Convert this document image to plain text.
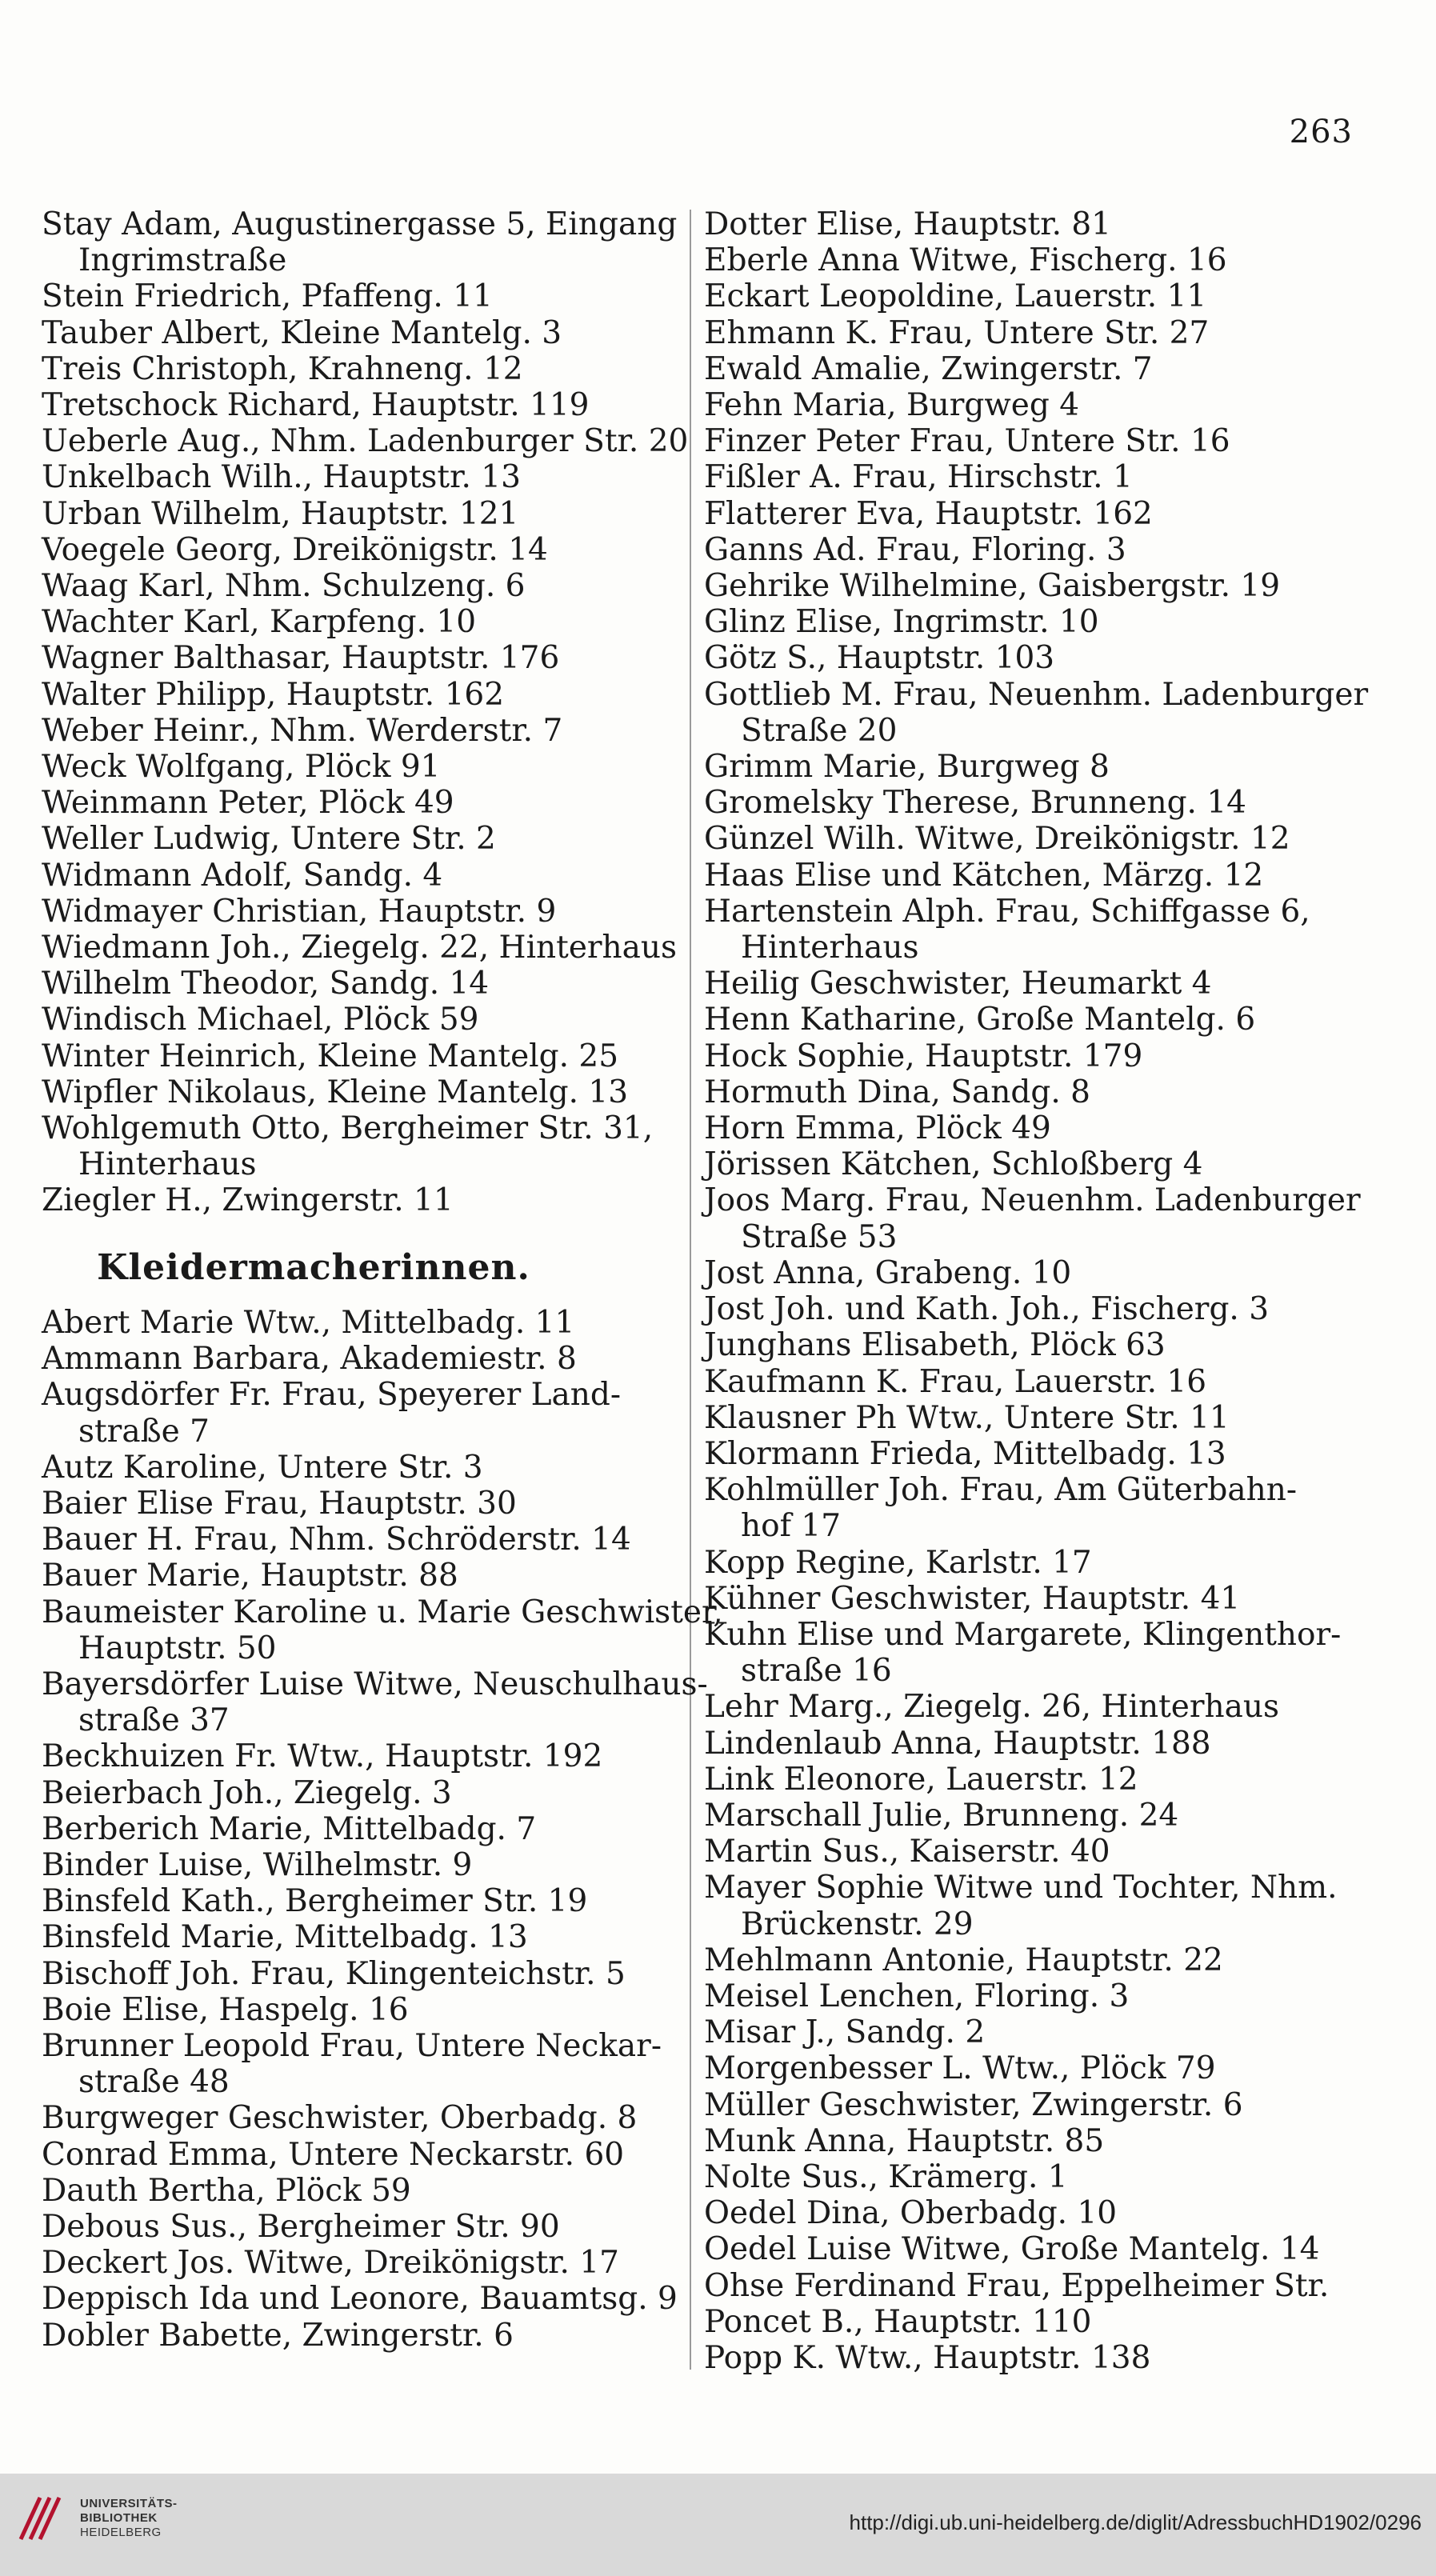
263
Stay Adam, Augustinergasse 5, Eingang
Ingrimstraße
Stein Friedrich, Pfaffeng. 11
Tauber Albert, Kleine Mantelg. 3
Treis Christoph, Krahneng. 12
Tretschock Richard, Hauptstr. 119
Ueberle Aug., Nhm. Ladenburger Str. 20
Unkelbach Wilh., Hauptstr. 13
Urban Wilhelm, Hauptstr. 121
Voegele Georg, Dreikönigstr. 14
Waag Karl, Nhm. Schulzeng. 6
Wachter Karl, Karpfeng. 10
Wagner Balthasar, Hauptstr. 176
Walter Philipp, Hauptstr. 162
Weber Heinr., Nhm. Werderstr. 7
Weck Wolfgang, Plöck 91
Weinmann Peter, Plöck 49
Weller Ludwig, Untere Str. 2
Widmann Adolf, Sandg. 4
Widmayer Christian, Hauptstr. 9
Wiedmann Joh., Ziegelg. 22, Hinterhaus
Wilhelm Theodor, Sandg. 14
Windisch Michael, Plöck 59
Winter Heinrich, Kleine Mantelg. 25
Wipfler Nikolaus, Kleine Mantelg. 13
Wohlgemuth Otto, Bergheimer Str. 31,
Hinterhaus
Ziegler H., Zwingerstr. 11
Kleidermacherinnen.
Abert Marie Wtw., Mittelbadg. 11
Ammann Barbara, Akademiestr. 8
Augsdörfer Fr. Frau, Speyerer Land-
straße 7
Autz Karoline, Untere Str. 3
Baier Elise Frau, Hauptstr. 30
Bauer H. Frau, Nhm. Schröderstr. 14
Bauer Marie, Hauptstr. 88
Baumeister Karoline u. Marie Geschwister,
Hauptstr. 50
Bayersdörfer Luise Witwe, Neuschulhaus-
straße 37
Beckhuizen Fr. Wtw., Hauptstr. 192
Beierbach Joh., Ziegelg. 3
Berberich Marie, Mittelbadg. 7
Binder Luise, Wilhelmstr. 9
Binsfeld Kath., Bergheimer Str. 19
Binsfeld Marie, Mittelbadg. 13
Bischoff Joh. Frau, Klingenteichstr. 5
Boie Elise, Haspelg. 16
Brunner Leopold Frau, Untere Neckar-
straße 48
Burgweger Geschwister, Oberbadg. 8
Conrad Emma, Untere Neckarstr. 60
Dauth Bertha, Plöck 59
Debous Sus., Bergheimer Str. 90
Deckert Jos. Witwe, Dreikönigstr. 17
Deppisch Ida und Leonore, Bauamtsg. 9
Dobler Babette, Zwingerstr. 6
Dotter Elise, Hauptstr. 81
Eberle Anna Witwe, Fischerg. 16
Eckart Leopoldine, Lauerstr. 11
Ehmann K. Frau, Untere Str. 27
Ewald Amalie, Zwingerstr. 7
Fehn Maria, Burgweg 4
Finzer Peter Frau, Untere Str. 16
Fißler A. Frau, Hirschstr. 1
Flatterer Eva, Hauptstr. 162
Ganns Ad. Frau, Floring. 3
Gehrike Wilhelmine, Gaisbergstr. 19
Glinz Elise, Ingrimstr. 10
Götz S., Hauptstr. 103
Gottlieb M. Frau, Neuenhm. Ladenburger
Straße 20
Grimm Marie, Burgweg 8
Gromelsky Therese, Brunneng. 14
Günzel Wilh. Witwe, Dreikönigstr. 12
Haas Elise und Kätchen, Märzg. 12
Hartenstein Alph. Frau, Schiffgasse 6,
Hinterhaus
Heilig Geschwister, Heumarkt 4
Henn Katharine, Große Mantelg. 6
Hock Sophie, Hauptstr. 179
Hormuth Dina, Sandg. 8
Horn Emma, Plöck 49
Jörissen Kätchen, Schloßberg 4
Joos Marg. Frau, Neuenhm. Ladenburger
Straße 53
Jost Anna, Grabeng. 10
Jost Joh. und Kath. Joh., Fischerg. 3
Junghans Elisabeth, Plöck 63
Kaufmann K. Frau, Lauerstr. 16
Klausner Ph Wtw., Untere Str. 11
Klormann Frieda, Mittelbadg. 13
Kohlmüller Joh. Frau, Am Güterbahn-
hof 17
Kopp Regine, Karlstr. 17
Kühner Geschwister, Hauptstr. 41
Kuhn Elise und Margarete, Klingenthor-
straße 16
Lehr Marg., Ziegelg. 26, Hinterhaus
Lindenlaub Anna, Hauptstr. 188
Link Eleonore, Lauerstr. 12
Marschall Julie, Brunneng. 24
Martin Sus., Kaiserstr. 40
Mayer Sophie Witwe und Tochter, Nhm.
Brückenstr. 29
Mehlmann Antonie, Hauptstr. 22
Meisel Lenchen, Floring. 3
Misar J., Sandg. 2
Morgenbesser L. Wtw., Plöck 79
Müller Geschwister, Zwingerstr. 6
Munk Anna, Hauptstr. 85
Nolte Sus., Krämerg. 1
Oedel Dina, Oberbadg. 10
Oedel Luise Witwe, Große Mantelg. 14
Ohse Ferdinand Frau, Eppelheimer Str.
Poncet B., Hauptstr. 110
Popp K. Wtw., Hauptstr. 138
UNIVERSITÄTS-
BIBLIOTHEK
HEIDELBERG	http://digi.ub.uni-heidelberg.de/diglit/AdressbuchHD1902/0296
